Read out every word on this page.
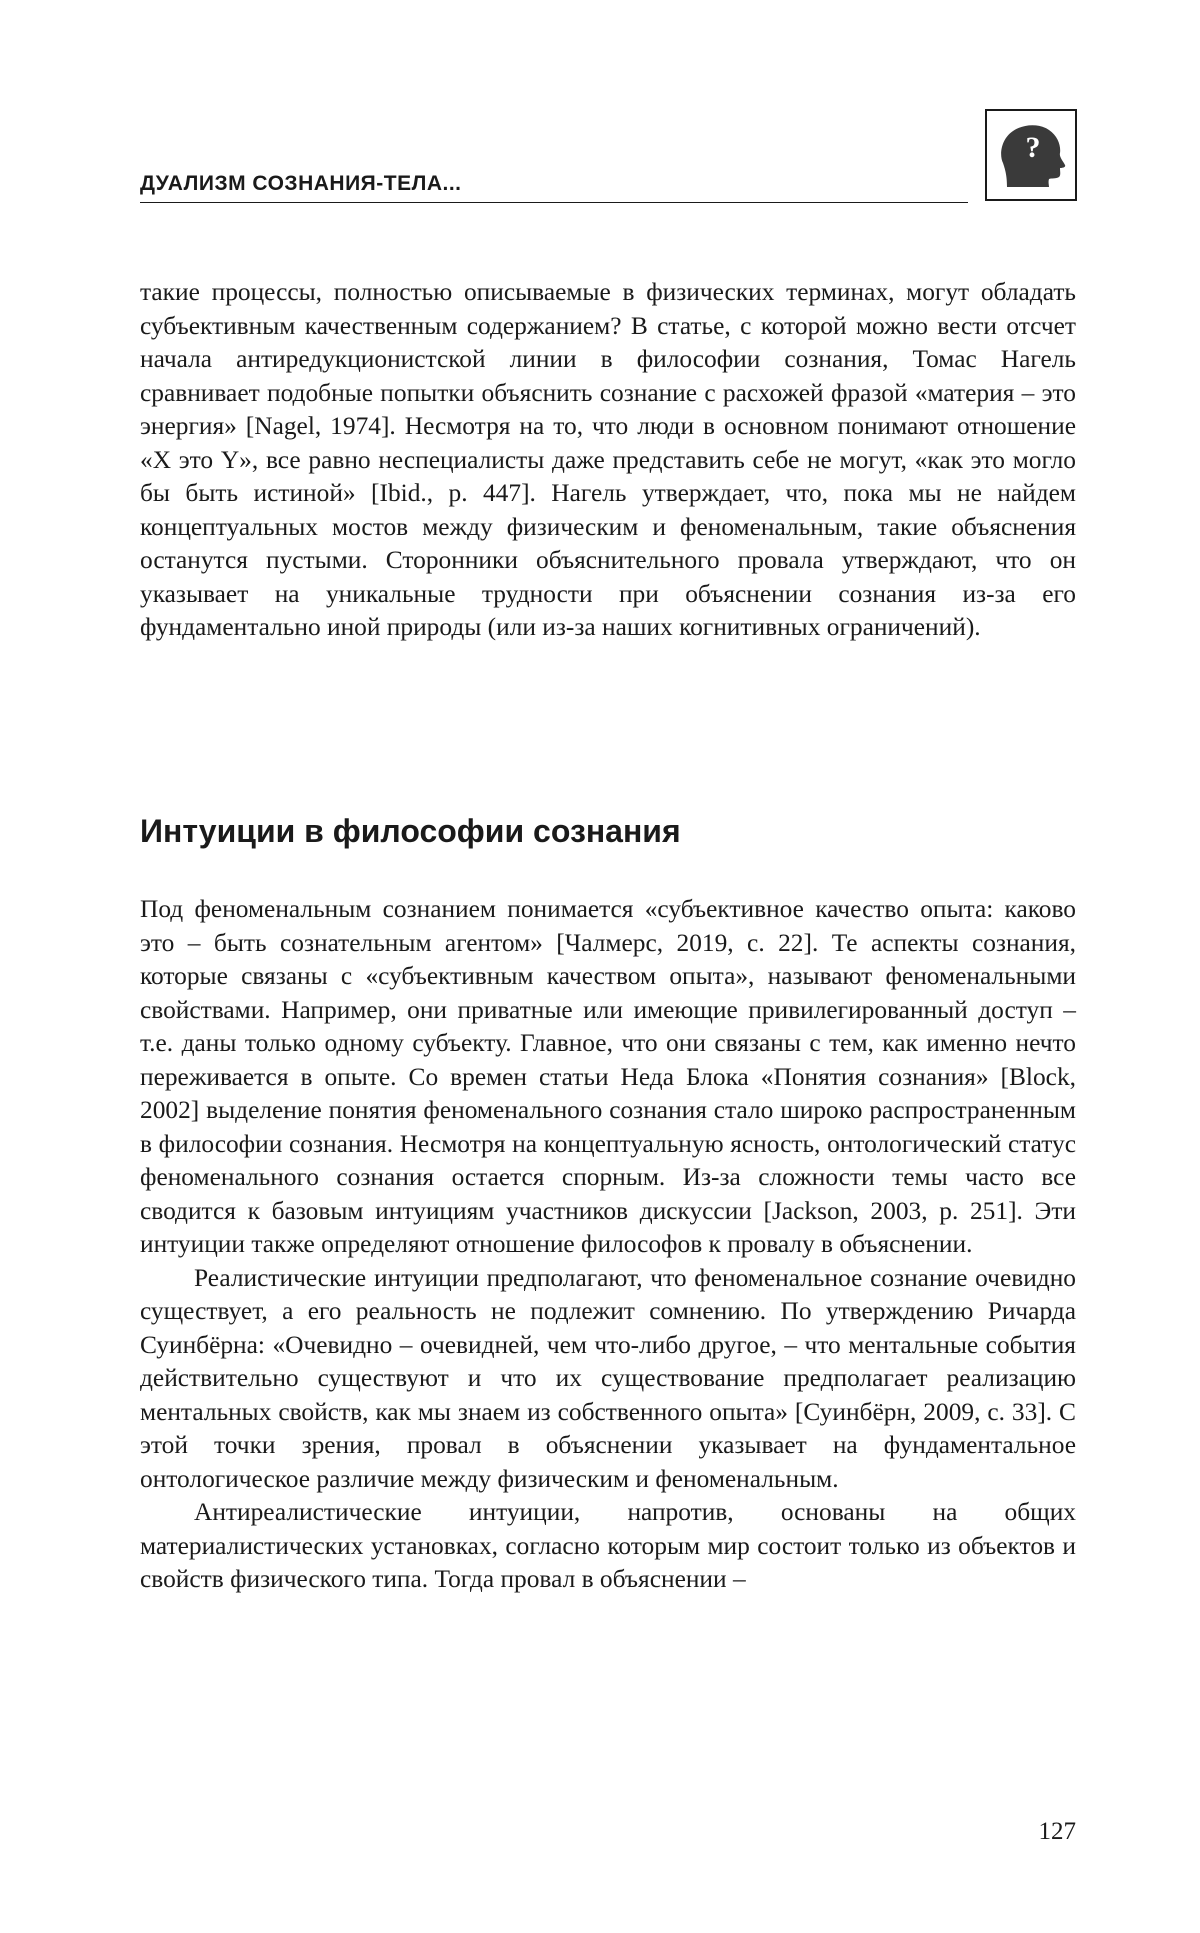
ДУАЛИЗМ СОЗНАНИЯ-ТЕЛА...
?

такие процессы, полностью описываемые в физических терминах, могут обладать субъективным качественным содержанием? В статье, с которой можно вести отсчет начала антиредукционистской линии в философии сознания, Томас Нагель сравнивает подобные попытки объяснить сознание с расхожей фразой «материя – это энергия» [Nagel, 1974]. Несмотря на то, что люди в основном понимают отношение «X это Y», все равно неспециалисты даже представить себе не могут, «как это могло бы быть истиной» [Ibid., p. 447]. Нагель утверждает, что, пока мы не найдем концептуальных мостов между физическим и феноменальным, такие объяснения останутся пустыми. Сторонники объяснительного провала утверждают, что он указывает на уникальные трудности при объяснении сознания из-за его фундаментально иной природы (или из-за наших когнитивных ограничений).

Интуиции в философии сознания

Под феноменальным сознанием понимается «субъективное качество опыта: каково это – быть сознательным агентом» [Чалмерс, 2019, с. 22]. Те аспекты сознания, которые связаны с «субъективным качеством опыта», называют феноменальными свойствами. Например, они приватные или имеющие привилегированный доступ – т.е. даны только одному субъекту. Главное, что они связаны с тем, как именно нечто переживается в опыте. Со времен статьи Неда Блока «Понятия сознания» [Block, 2002] выделение понятия феноменального сознания стало широко распространенным в философии сознания. Несмотря на концептуальную ясность, онтологический статус феноменального сознания остается спорным. Из-за сложности темы часто все сводится к базовым интуициям участников дискуссии [Jackson, 2003, p. 251]. Эти интуиции также определяют отношение философов к провалу в объяснении.

Реалистические интуиции предполагают, что феноменальное сознание очевидно существует, а его реальность не подлежит сомнению. По утверждению Ричарда Суинбёрна: «Очевидно – очевидней, чем что-либо другое, – что ментальные события действительно существуют и что их существование предполагает реализацию ментальных свойств, как мы знаем из собственного опыта» [Суинбёрн, 2009, с. 33]. С этой точки зрения, провал в объяснении указывает на фундаментальное онтологическое различие между физическим и феноменальным.

Антиреалистические интуиции, напротив, основаны на общих материалистических установках, согласно которым мир состоит только из объектов и свойств физического типа. Тогда провал в объяснении –

127
